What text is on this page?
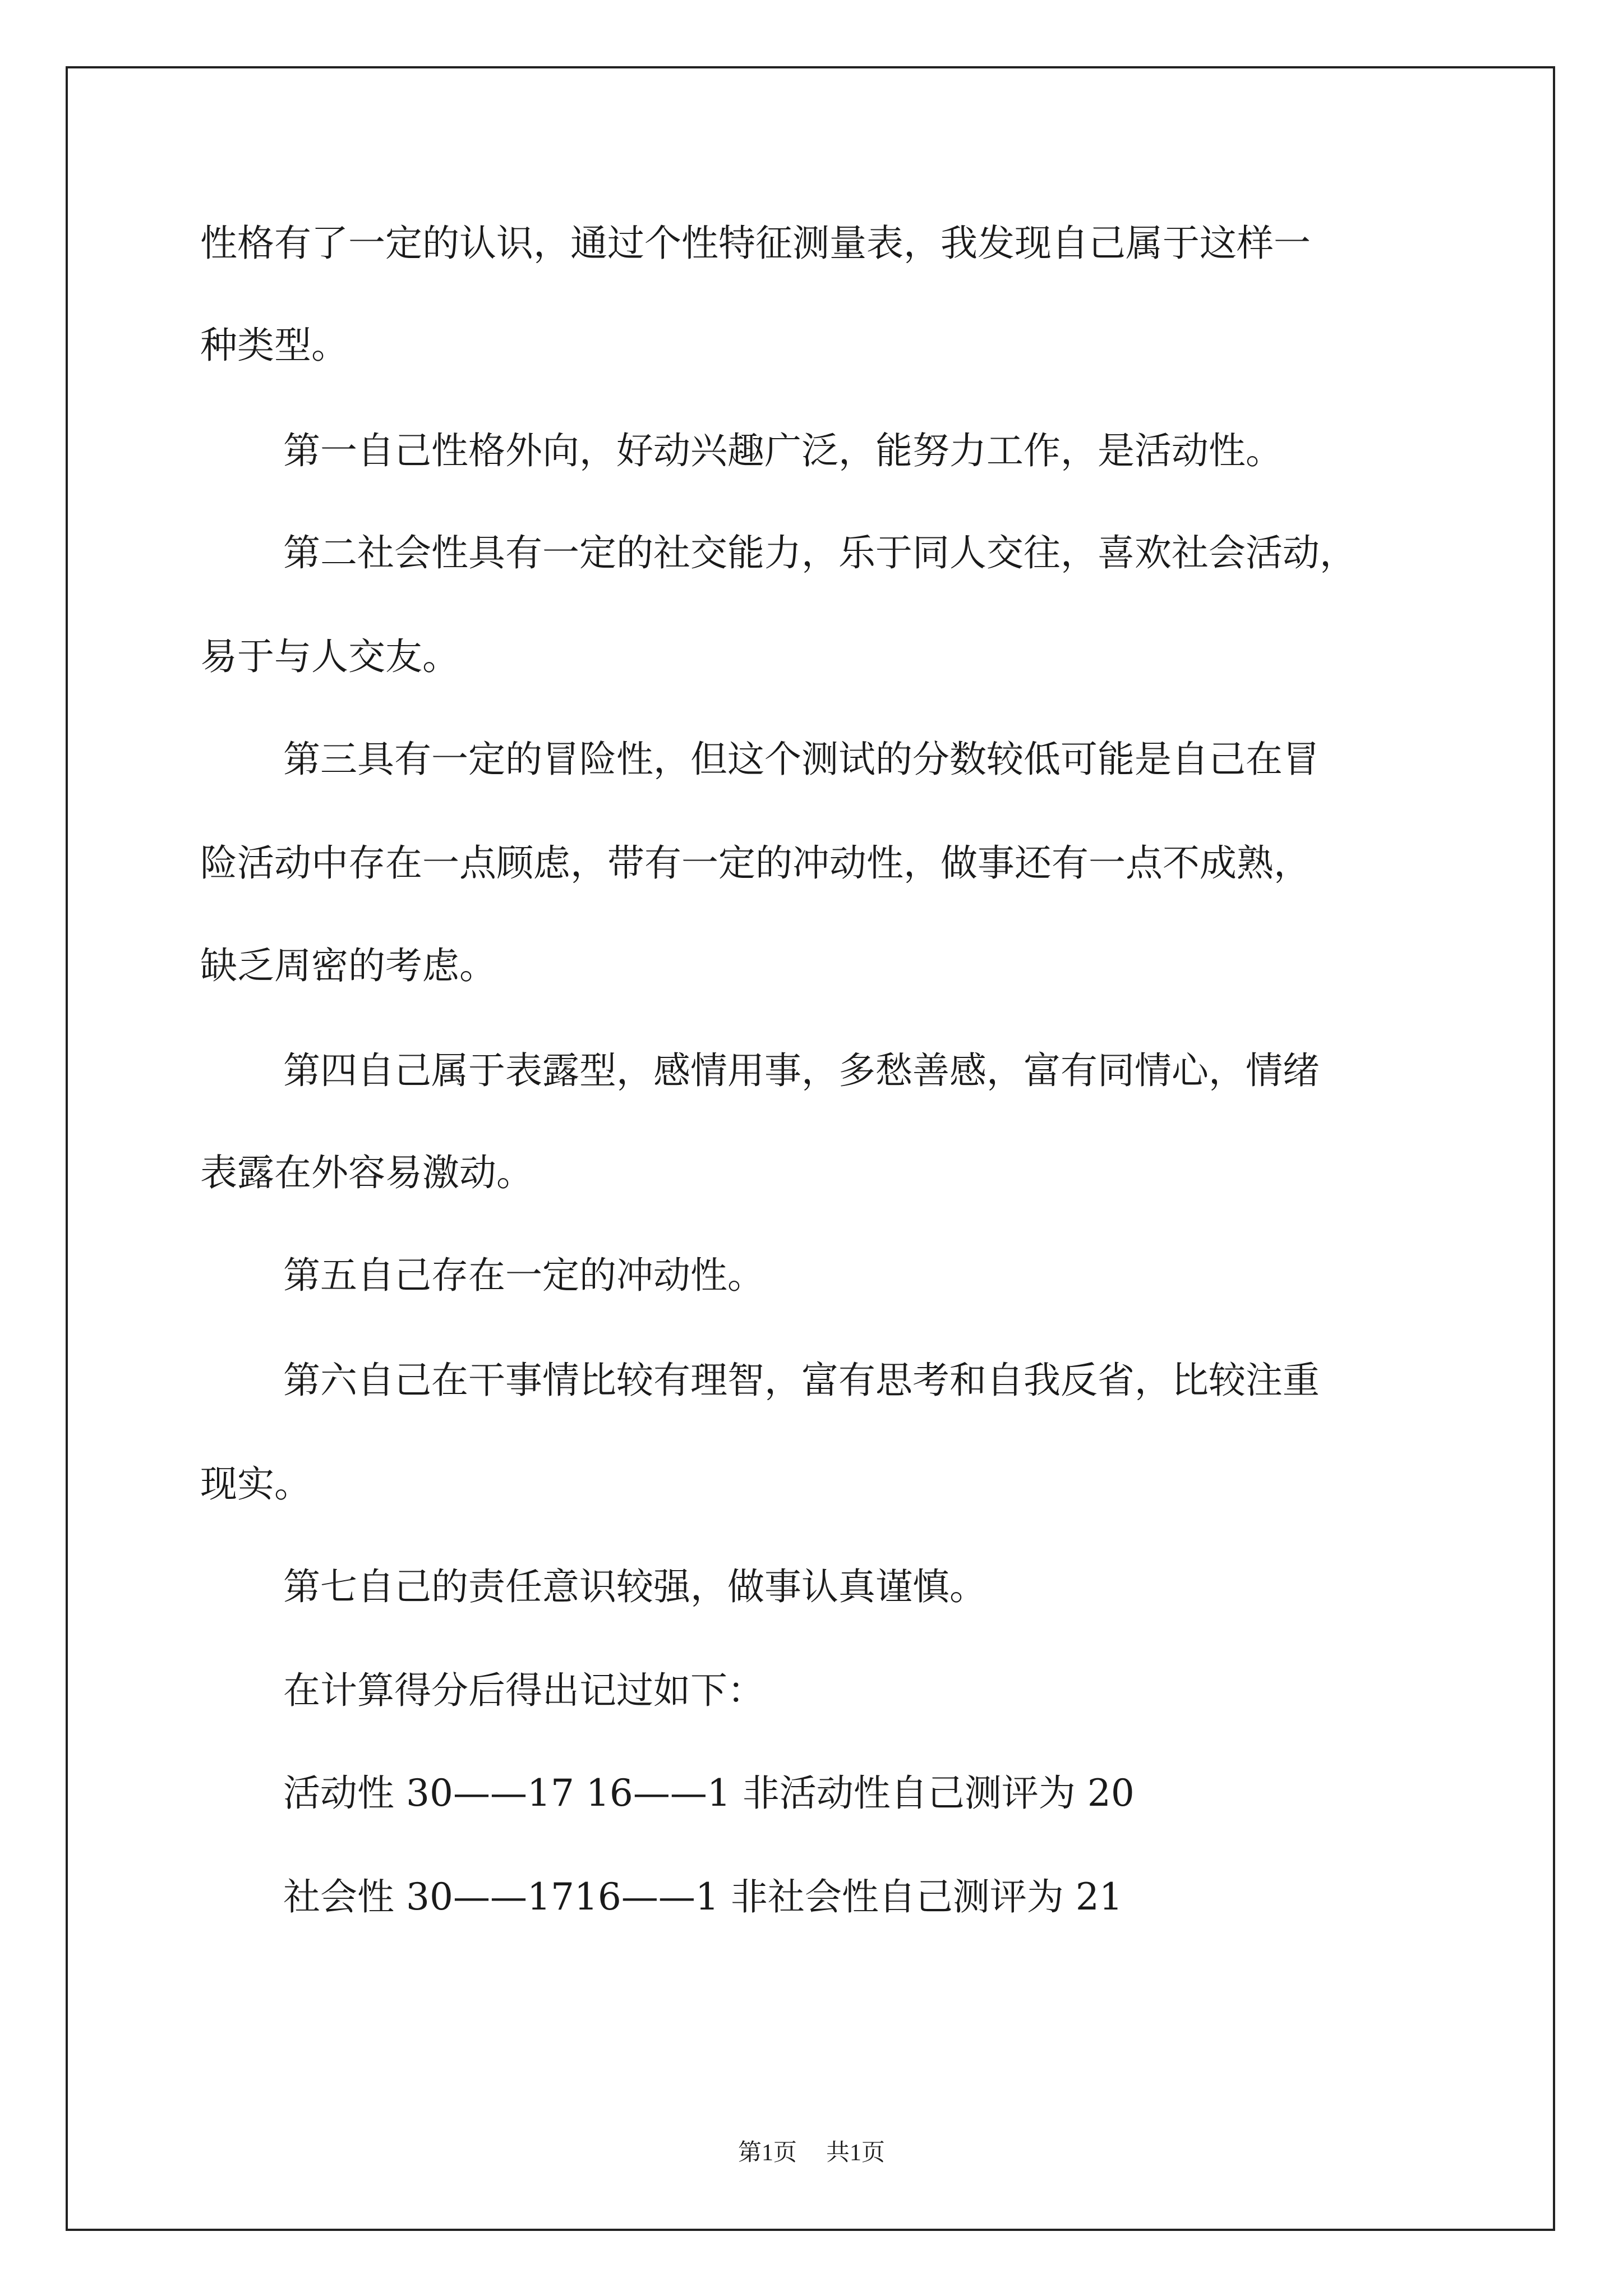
性格有了一定的认识，通过个性特征测量表，我发现自己属于这样一

种类型。

第一自己性格外向，好动兴趣广泛，能努力工作，是活动性。

第二社会性具有一定的社交能力，乐于同人交往，喜欢社会活动，

易于与人交友。

第三具有一定的冒险性，但这个测试的分数较低可能是自己在冒

险活动中存在一点顾虑，带有一定的冲动性，做事还有一点不成熟，

缺乏周密的考虑。

第四自己属于表露型，感情用事，多愁善感，富有同情心，情绪

表露在外容易激动。

第五自己存在一定的冲动性。

第六自己在干事情比较有理智，富有思考和自我反省，比较注重

现实。

第七自己的责任意识较强，做事认真谨慎。

在计算得分后得出记过如下：

活动性 30——17 16——1 非活动性自己测评为 20

社会性 30——1716——1 非社会性自己测评为 21

第1页 共1页
